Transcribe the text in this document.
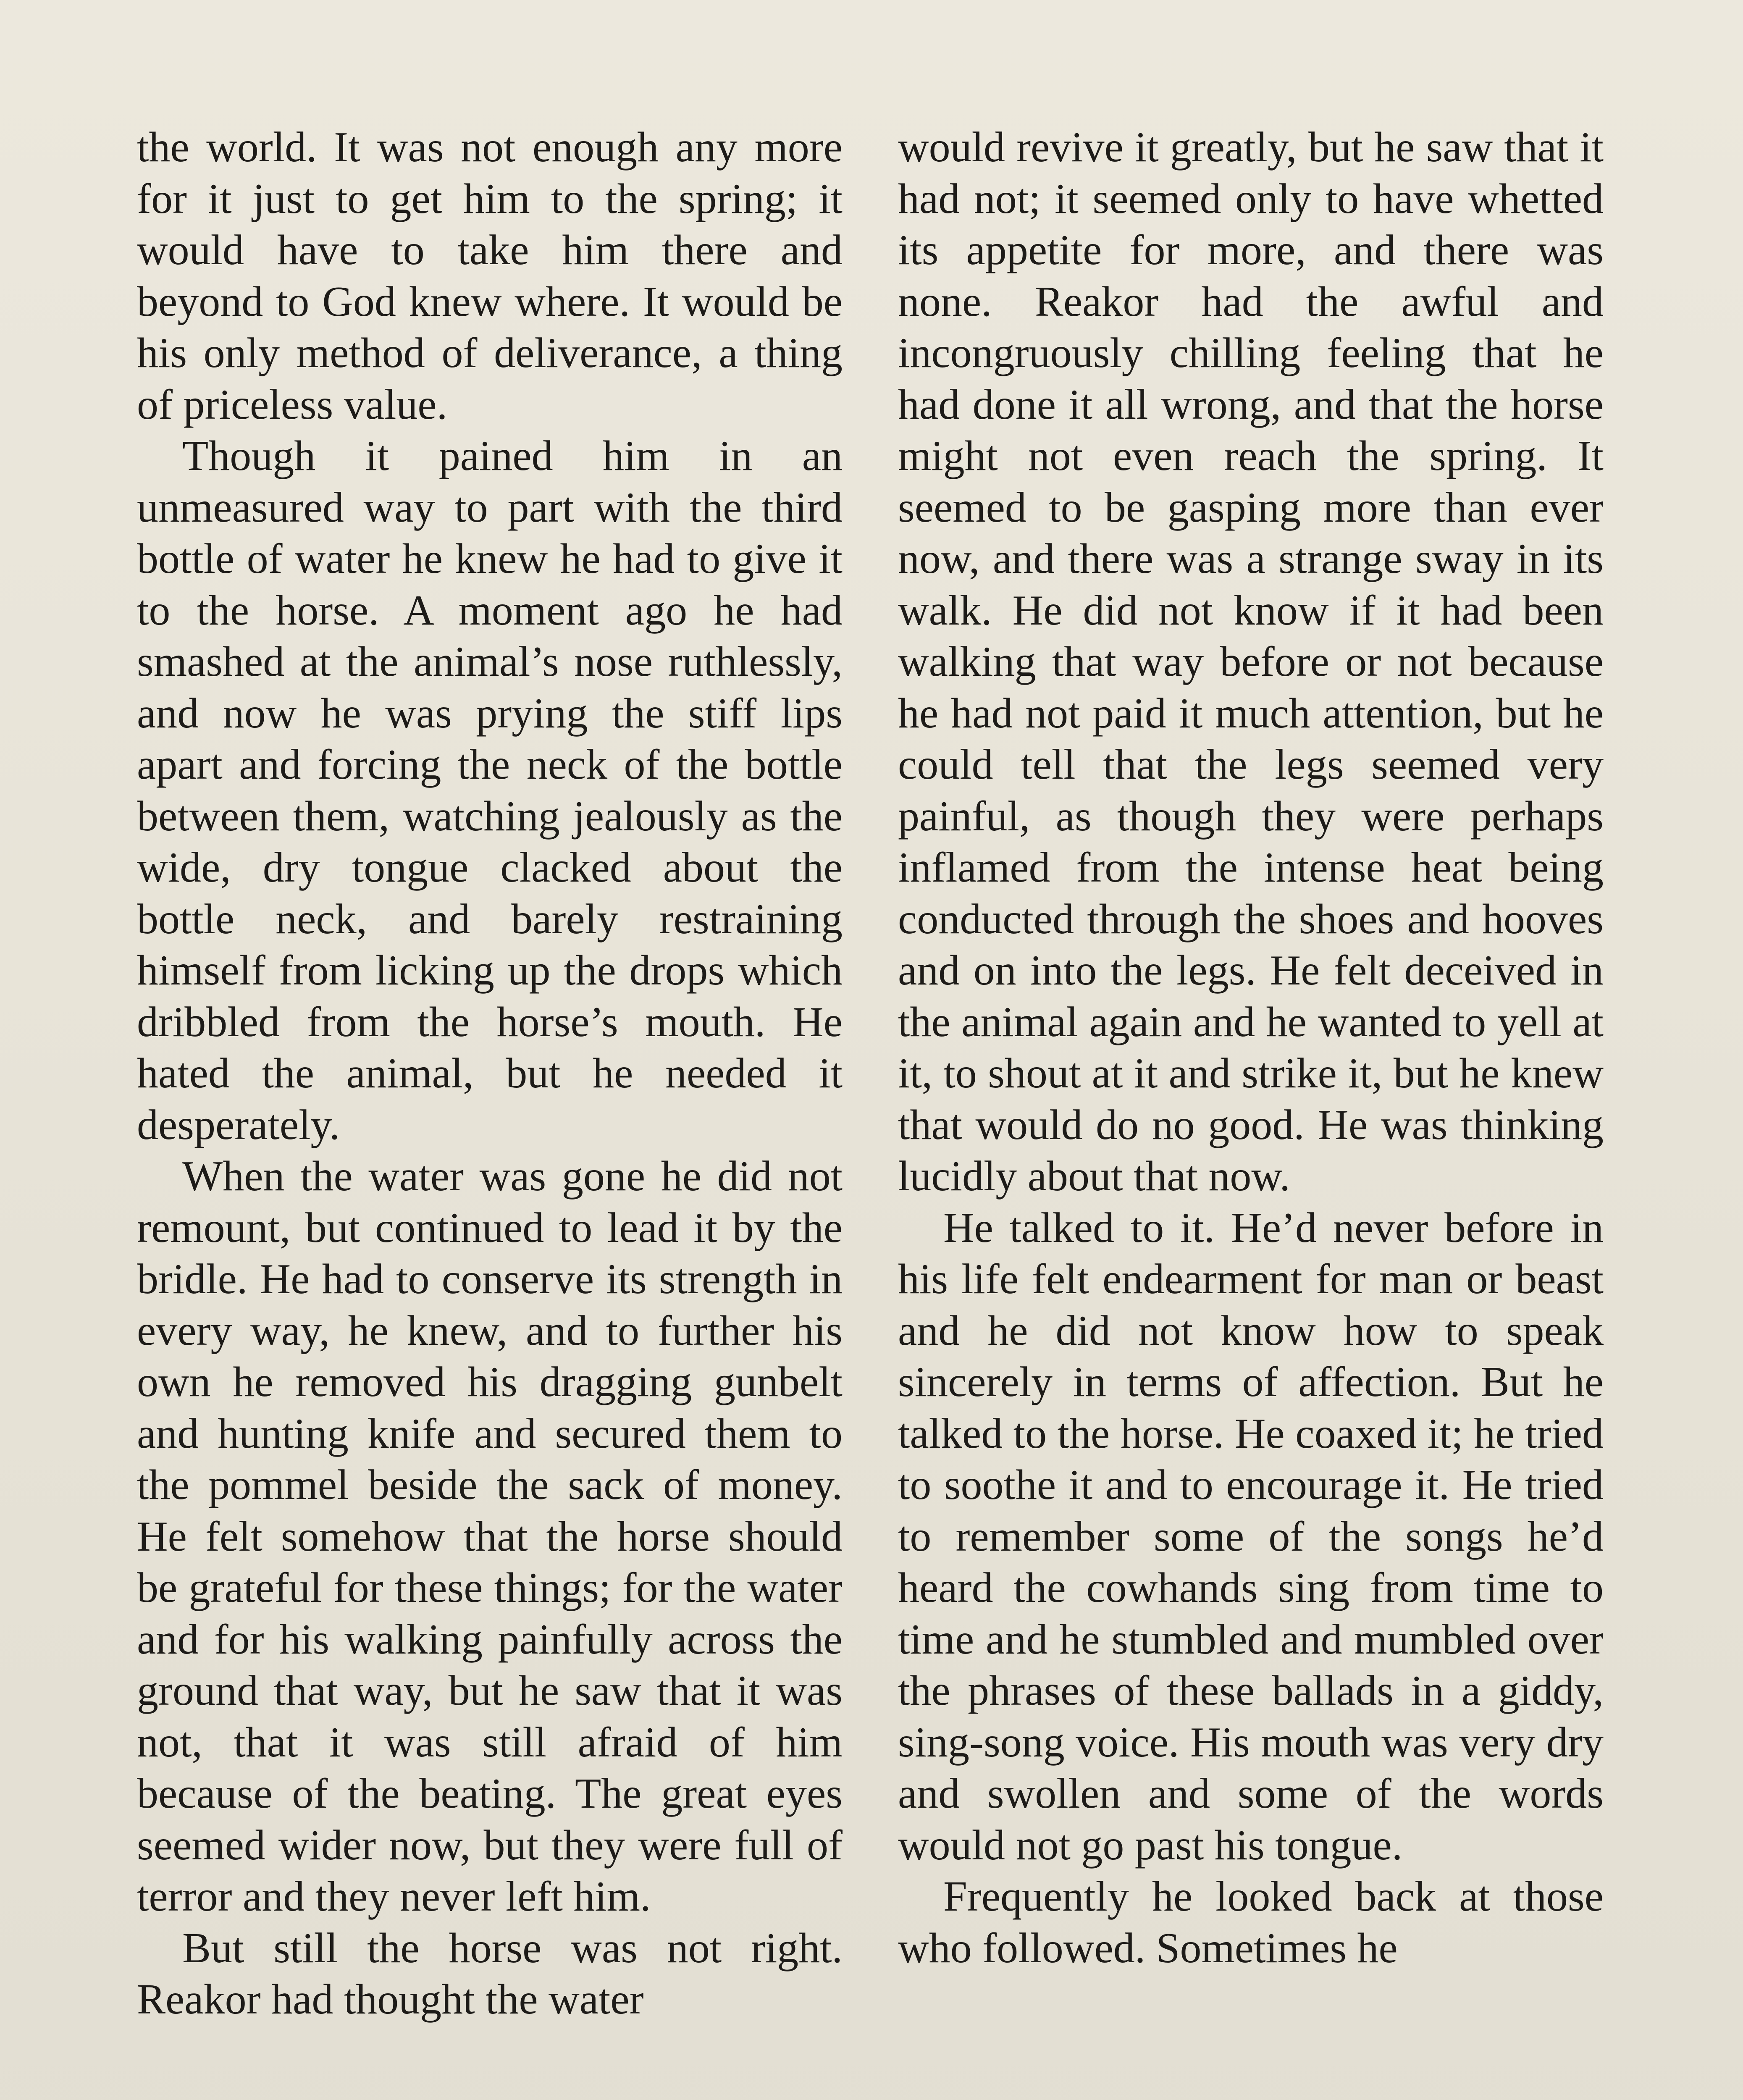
the world. It was not enough any more for it just to get him to the spring; it would have to take him there and beyond to God knew where. It would be his only method of deliverance, a thing of priceless value.

Though it pained him in an unmeasured way to part with the third bottle of water he knew he had to give it to the horse. A moment ago he had smashed at the animal’s nose ruthlessly, and now he was prying the stiff lips apart and forcing the neck of the bottle between them, watching jealously as the wide, dry tongue clacked about the bottle neck, and barely restraining himself from licking up the drops which dribbled from the horse’s mouth. He hated the animal, but he needed it desperately.

When the water was gone he did not remount, but continued to lead it by the bridle. He had to conserve its strength in every way, he knew, and to further his own he removed his dragging gunbelt and hunting knife and secured them to the pommel beside the sack of money. He felt somehow that the horse should be grateful for these things; for the water and for his walking painfully across the ground that way, but he saw that it was not, that it was still afraid of him because of the beating. The great eyes seemed wider now, but they were full of terror and they never left him.

But still the horse was not right. Reakor had thought the water

would revive it greatly, but he saw that it had not; it seemed only to have whetted its appetite for more, and there was none. Reakor had the awful and incongruously chilling feeling that he had done it all wrong, and that the horse might not even reach the spring. It seemed to be gasping more than ever now, and there was a strange sway in its walk. He did not know if it had been walking that way before or not because he had not paid it much attention, but he could tell that the legs seemed very painful, as though they were perhaps inflamed from the intense heat being conducted through the shoes and hooves and on into the legs. He felt deceived in the animal again and he wanted to yell at it, to shout at it and strike it, but he knew that would do no good. He was thinking lucidly about that now.

He talked to it. He’d never before in his life felt endearment for man or beast and he did not know how to speak sincerely in terms of affection. But he talked to the horse. He coaxed it; he tried to soothe it and to encourage it. He tried to remember some of the songs he’d heard the cowhands sing from time to time and he stumbled and mumbled over the phrases of these ballads in a giddy, sing-song voice. His mouth was very dry and swollen and some of the words would not go past his tongue.

Frequently he looked back at those who followed. Sometimes he
